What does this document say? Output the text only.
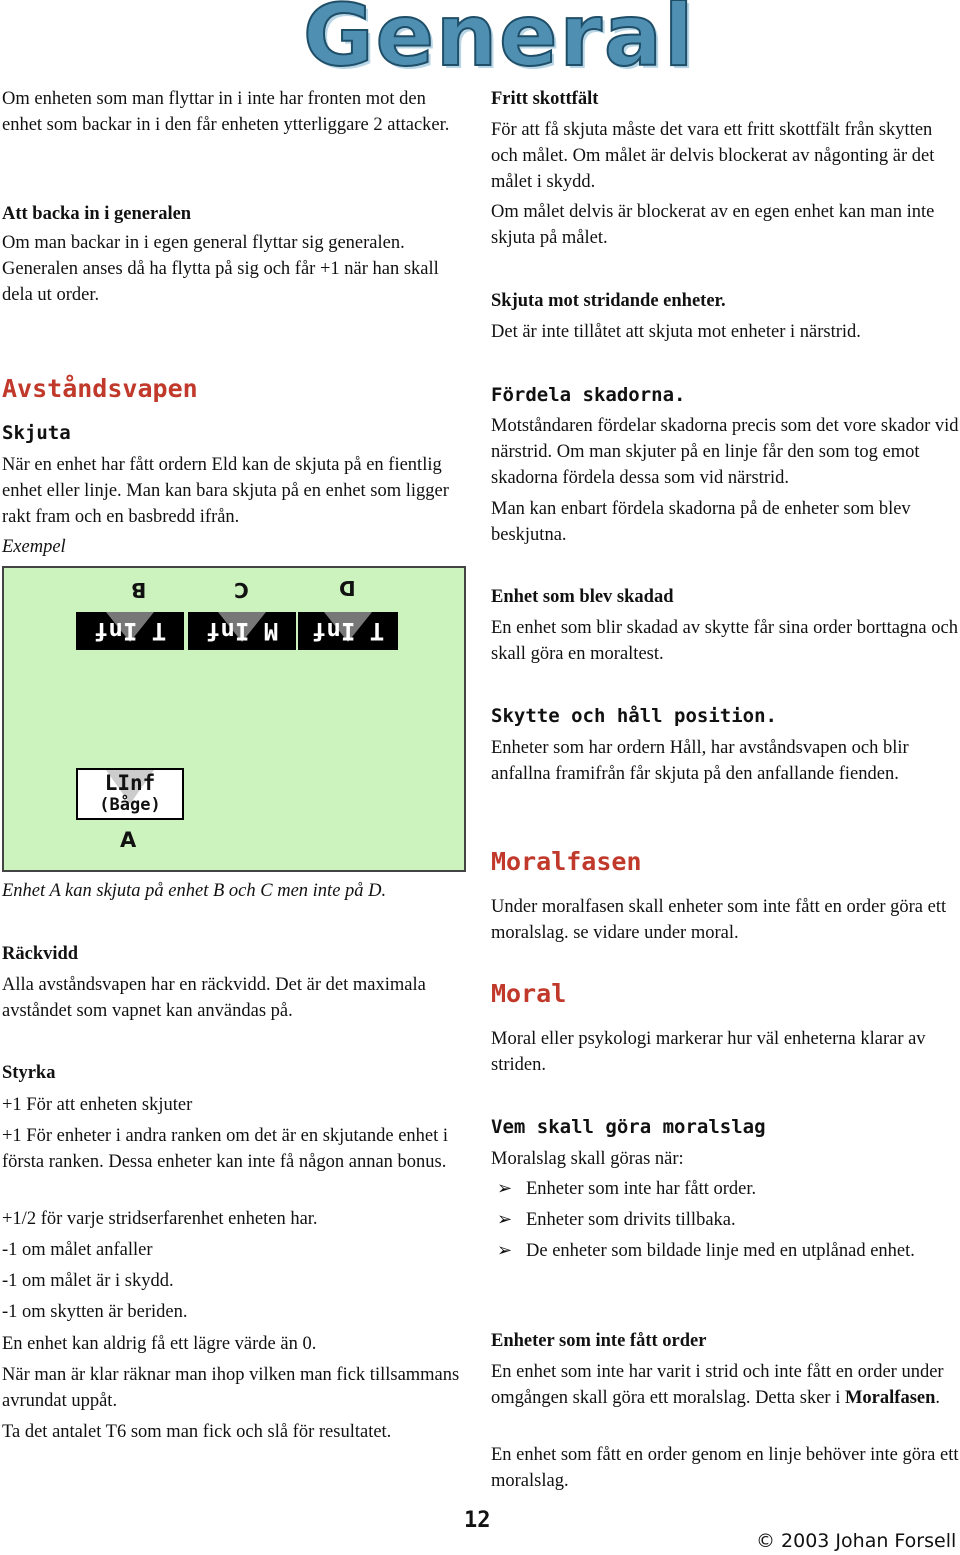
General

Om enheten som man flyttar in i inte har fronten mot den enhet som backar in i den får enheten ytterliggare 2 attacker.

Att backa in i generalen

Om man backar in i egen general flyttar sig generalen. Generalen anses då ha flytta på sig och får +1 när han skall dela ut order.

Avståndsvapen

Skjuta

När en enhet har fått ordern Eld kan de skjuta på en fientlig enhet eller linje. Man kan bara skjuta på en enhet som ligger rakt fram och en basbredd ifrån.

Exempel

Enhet A kan skjuta på enhet B och C men inte på D.

Räckvidd

Alla avståndsvapen har en räckvidd. Det är det maximala avståndet som vapnet kan användas på.

Styrka

+1 För att enheten skjuter

+1 För enheter i andra ranken om det är en skjutande enhet i första ranken. Dessa enheter kan inte få någon annan bonus.

+1/2 för varje stridserfarenhet enheten har.

-1 om målet anfaller

-1 om målet är i skydd.

-1 om skytten är beriden.

En enhet kan aldrig få ett lägre värde än 0.

När man är klar räknar man ihop vilken man fick tillsammans avrundat uppåt.

Ta det antalet T6 som man fick och slå för resultatet.

B	C	D
T Inf M Inf T Inf
LInf
(Båge)
A

Fritt skottfält

För att få skjuta måste det vara ett fritt skottfält från skytten och målet. Om målet är delvis blockerat av någonting är det målet i skydd.

Om målet delvis är blockerat av en egen enhet kan man inte skjuta på målet.

Skjuta mot stridande enheter.

Det är inte tillåtet att skjuta mot enheter i närstrid.

Fördela skadorna.

Motståndaren fördelar skadorna precis som det vore skador vid närstrid. Om man skjuter på en linje får den som tog emot skadorna fördela dessa som vid närstrid.

Man kan enbart fördela skadorna på de enheter som blev beskjutna.

Enhet som blev skadad

En enhet som blir skadad av skytte får sina order borttagna och skall göra en moraltest.

Skytte och håll position.

Enheter som har ordern Håll, har avståndsvapen och blir anfallna framifrån får skjuta på den anfallande fienden.

Moralfasen

Under moralfasen skall enheter som inte fått en order göra ett moralslag. se vidare under moral.

Moral

Moral eller psykologi markerar hur väl enheterna klarar av striden.

Vem skall göra moralslag

Moralslag skall göras när:

➢ Enheter som inte har fått order.
➢ Enheter som drivits tillbaka.
➢ De enheter som bildade linje med en utplånad enhet.

Enheter som inte fått order

En enhet som inte har varit i strid och inte fått en order under omgången skall göra ett moralslag. Detta sker i Moralfasen.

En enhet som fått en order genom en linje behöver inte göra ett moralslag.

12
© 2003 Johan Forsell
